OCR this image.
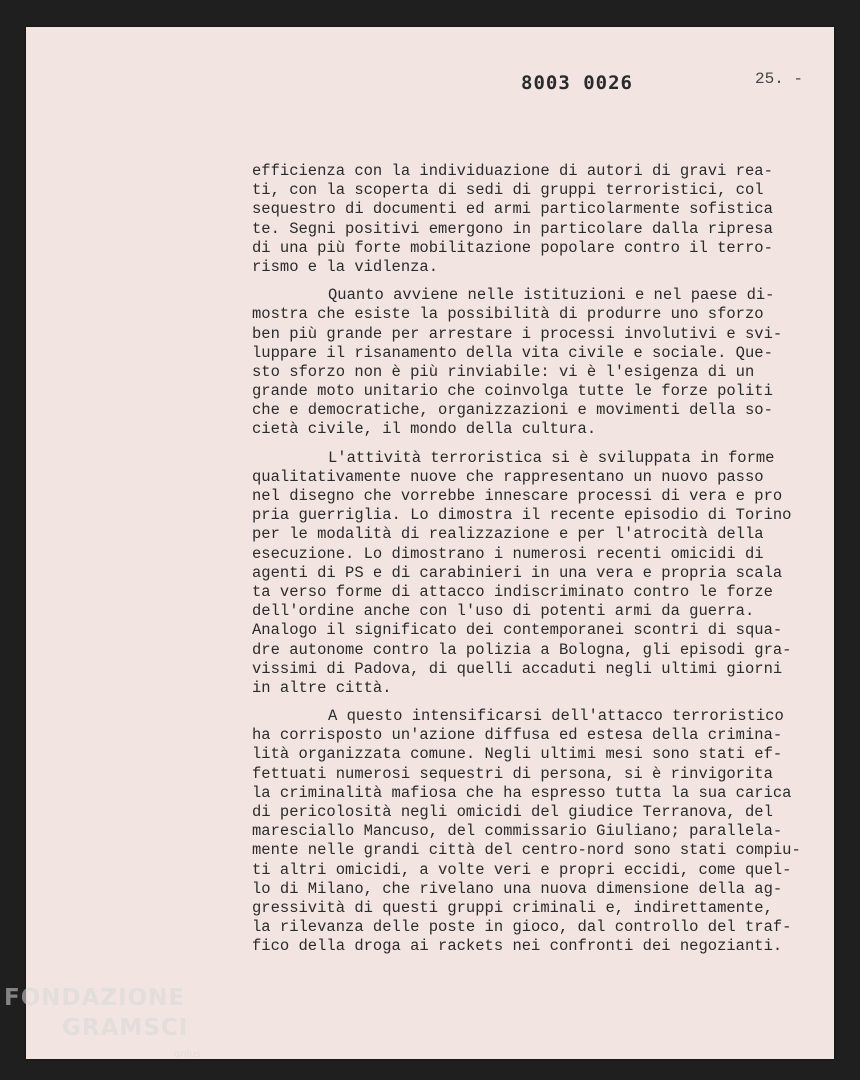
8003 0026	25. -
efficienza con la individuazione di autori di gravi rea-
ti, con la scoperta di sedi di gruppi terroristici, col
sequestro di documenti ed armi particolarmente sofistica
te. Segni positivi emergono in particolare dalla ripresa
di una più forte mobilitazione popolare contro il terro-
rismo e la vidlenza.
Quanto avviene nelle istituzioni e nel paese di-
mostra che esiste la possibilità di produrre uno sforzo
ben più grande per arrestare i processi involutivi e svi-
luppare il risanamento della vita civile e sociale. Que-
sto sforzo non è più rinviabile: vi è l'esigenza di un
grande moto unitario che coinvolga tutte le forze politi
che e democratiche, organizzazioni e movimenti della so-
cietà civile, il mondo della cultura.
L'attività terroristica si è sviluppata in forme
qualitativamente nuove che rappresentano un nuovo passo
nel disegno che vorrebbe innescare processi di vera e pro
pria guerriglia. Lo dimostra il recente episodio di Torino
per le modalità di realizzazione e per l'atrocità della
esecuzione. Lo dimostrano i numerosi recenti omicidi di
agenti di PS e di carabinieri in una vera e propria scala
ta verso forme di attacco indiscriminato contro le forze
dell'ordine anche con l'uso di potenti armi da guerra.
Analogo il significato dei contemporanei scontri di squa-
dre autonome contro la polizia a Bologna, gli episodi gra-
vissimi di Padova, di quelli accaduti negli ultimi giorni
in altre città.
A questo intensificarsi dell'attacco terroristico
ha corrisposto un'azione diffusa ed estesa della crimina-
lità organizzata comune. Negli ultimi mesi sono stati ef-
fettuati numerosi sequestri di persona, si è rinvigorita
la criminalità mafiosa che ha espresso tutta la sua carica
di pericolosità negli omicidi del giudice Terranova, del
maresciallo Mancuso, del commissario Giuliano; parallela-
mente nelle grandi città del centro-nord sono stati compiu-
ti altri omicidi, a volte veri e propri eccidi, come quel-
lo di Milano, che rivelano una nuova dimensione della ag-
gressività di questi gruppi criminali e, indirettamente,
la rilevanza delle poste in gioco, dal controllo del traf-
fico della droga ai rackets nei confronti dei negozianti.
FONDAZIONE
GRAMSCI
onlus
